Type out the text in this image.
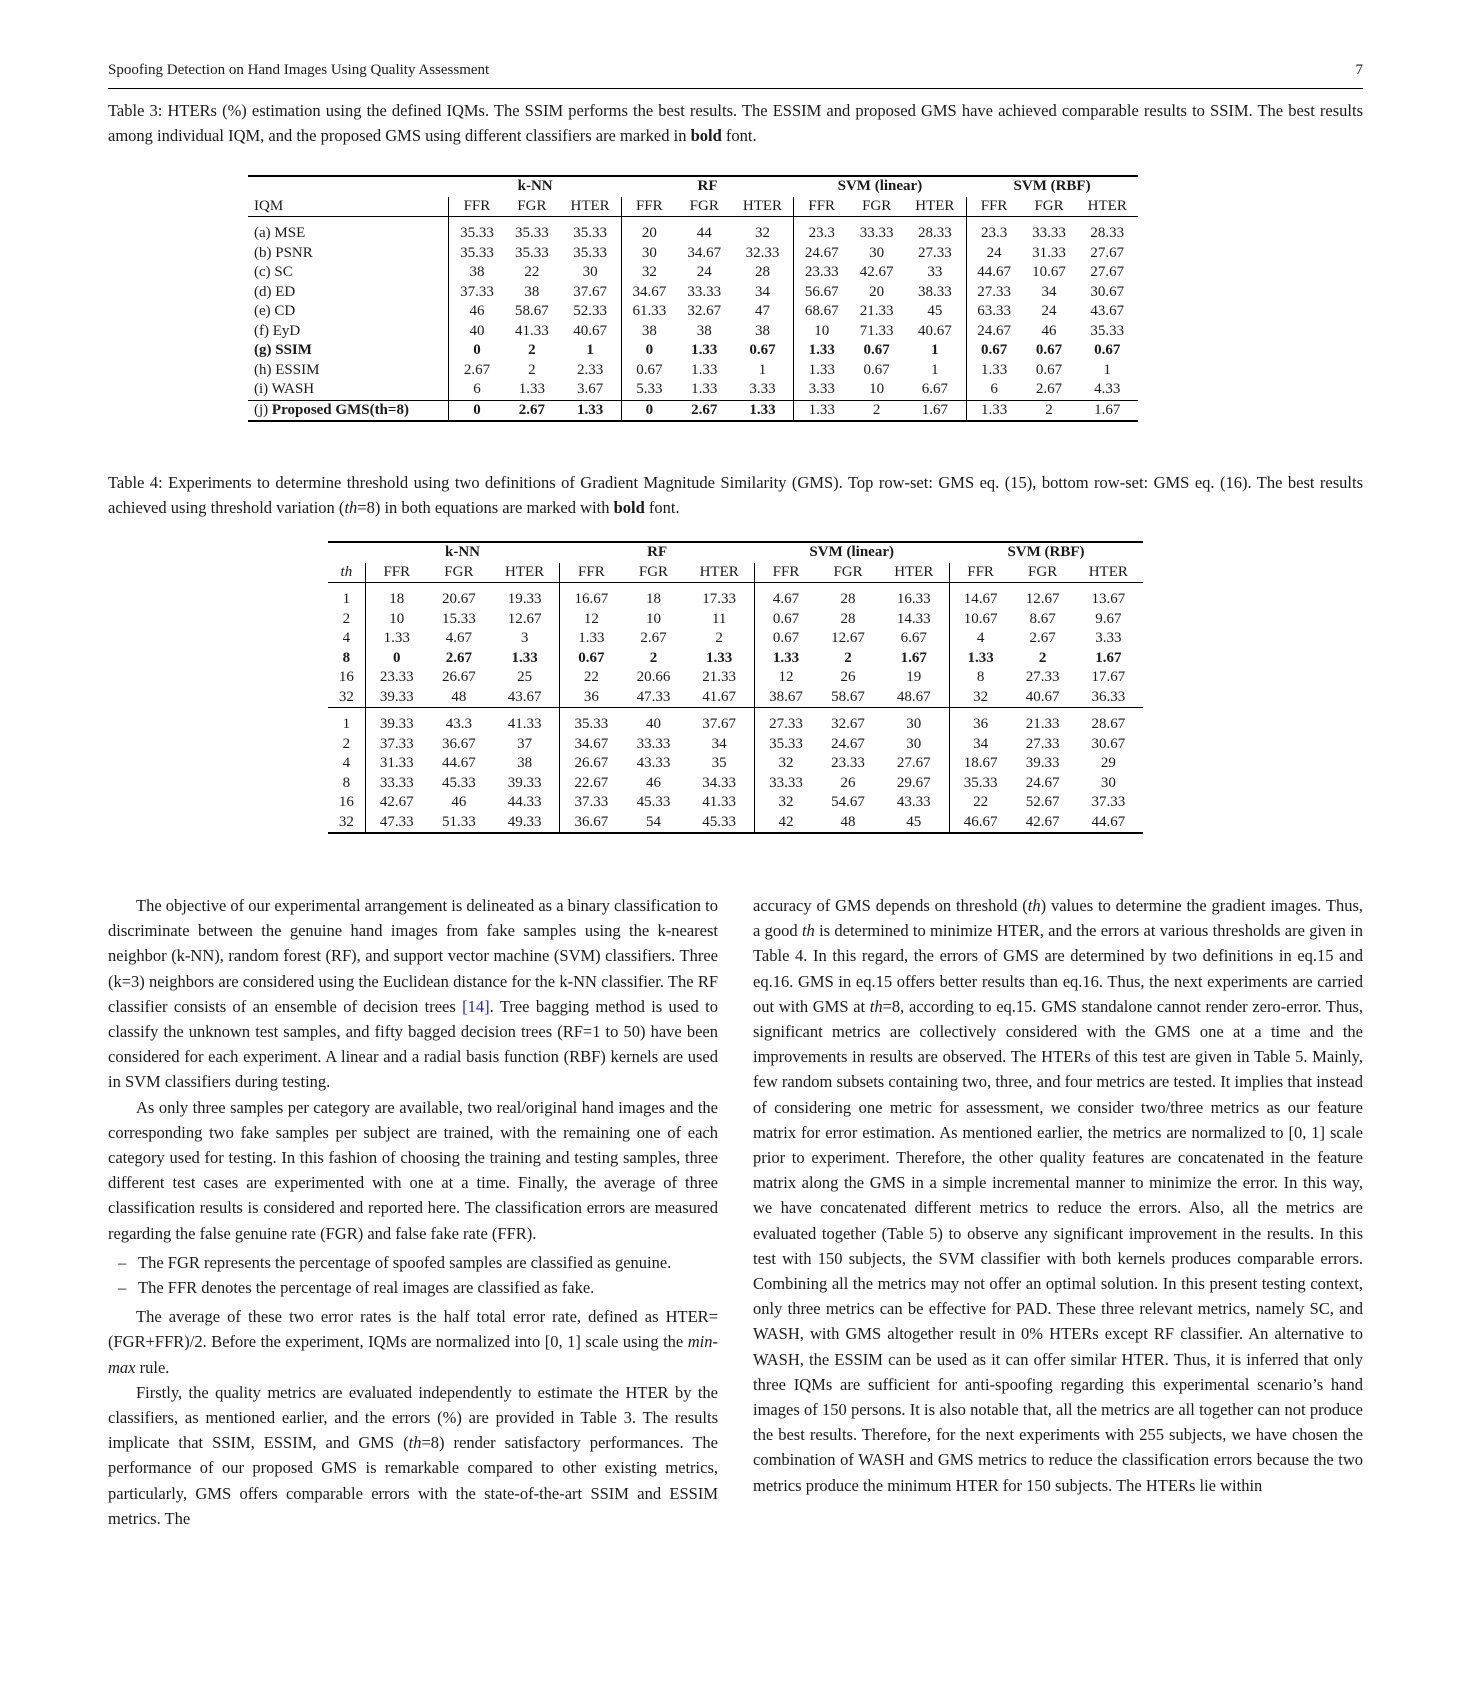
Spoofing Detection on Hand Images Using Quality Assessment	7
Table 3: HTERs (%) estimation using the defined IQMs. The SSIM performs the best results. The ESSIM and proposed GMS have achieved comparable results to SSIM. The best results among individual IQM, and the proposed GMS using different classifiers are marked in bold font.
	k-NN			RF			SVM (linear)			SVM (RBF)		
IQM	FFR	FGR	HTER	FFR	FGR	HTER	FFR	FGR	HTER	FFR	FGR	HTER

(a) MSE	35.33	35.33	35.33	20	44	32	23.3	33.33	28.33	23.3	33.33	28.33
(b) PSNR	35.33	35.33	35.33	30	34.67	32.33	24.67	30	27.33	24	31.33	27.67
(c) SC	38	22	30	32	24	28	23.33	42.67	33	44.67	10.67	27.67
(d) ED	37.33	38	37.67	34.67	33.33	34	56.67	20	38.33	27.33	34	30.67
(e) CD	46	58.67	52.33	61.33	32.67	47	68.67	21.33	45	63.33	24	43.67
(f) EyD	40	41.33	40.67	38	38	38	10	71.33	40.67	24.67	46	35.33
(g) SSIM	0	2	1	0	1.33	0.67	1.33	0.67	1	0.67	0.67	0.67
(h) ESSIM	2.67	2	2.33	0.67	1.33	1	1.33	0.67	1	1.33	0.67	1
(i) WASH	6	1.33	3.67	5.33	1.33	3.33	3.33	10	6.67	6	2.67	4.33
(j) Proposed GMS(th=8)	0	2.67	1.33	0	2.67	1.33	1.33	2	1.67	1.33	2	1.67
Table 4: Experiments to determine threshold using two definitions of Gradient Magnitude Similarity (GMS). Top row-set: GMS eq. (15), bottom row-set: GMS eq. (16). The best results achieved using threshold variation (th=8) in both equations are marked with bold font.
	k-NN			RF			SVM (linear)			SVM (RBF)		
th	FFR	FGR	HTER	FFR	FGR	HTER	FFR	FGR	HTER	FFR	FGR	HTER

1	18	20.67	19.33	16.67	18	17.33	4.67	28	16.33	14.67	12.67	13.67
2	10	15.33	12.67	12	10	11	0.67	28	14.33	10.67	8.67	9.67
4	1.33	4.67	3	1.33	2.67	2	0.67	12.67	6.67	4	2.67	3.33
8	0	2.67	1.33	0.67	2	1.33	1.33	2	1.67	1.33	2	1.67
16	23.33	26.67	25	22	20.66	21.33	12	26	19	8	27.33	17.67
32	39.33	48	43.67	36	47.33	41.67	38.67	58.67	48.67	32	40.67	36.33

1	39.33	43.3	41.33	35.33	40	37.67	27.33	32.67	30	36	21.33	28.67
2	37.33	36.67	37	34.67	33.33	34	35.33	24.67	30	34	27.33	30.67
4	31.33	44.67	38	26.67	43.33	35	32	23.33	27.67	18.67	39.33	29
8	33.33	45.33	39.33	22.67	46	34.33	33.33	26	29.67	35.33	24.67	30
16	42.67	46	44.33	37.33	45.33	41.33	32	54.67	43.33	22	52.67	37.33
32	47.33	51.33	49.33	36.67	54	45.33	42	48	45	46.67	42.67	44.67

The objective of our experimental arrangement is delineated as a binary classification to discriminate between the genuine hand images from fake samples using the k-nearest neighbor (k-NN), random forest (RF), and support vector machine (SVM) classifiers. Three (k=3) neighbors are considered using the Euclidean distance for the k-NN classifier. The RF classifier consists of an ensemble of decision trees [14]. Tree bagging method is used to classify the unknown test samples, and fifty bagged decision trees (RF=1 to 50) have been considered for each experiment. A linear and a radial basis function (RBF) kernels are used in SVM classifiers during testing.

As only three samples per category are available, two real/original hand images and the corresponding two fake samples per subject are trained, with the remaining one of each category used for testing. In this fashion of choosing the training and testing samples, three different test cases are experimented with one at a time. Finally, the average of three classification results is considered and reported here. The classification errors are measured regarding the false genuine rate (FGR) and false fake rate (FFR).

– The FGR represents the percentage of spoofed samples are classified as genuine.
– The FFR denotes the percentage of real images are classified as fake.

The average of these two error rates is the half total error rate, defined as HTER= (FGR+FFR)/2. Before the experiment, IQMs are normalized into [0, 1] scale using the min-max rule.

Firstly, the quality metrics are evaluated independently to estimate the HTER by the classifiers, as mentioned earlier, and the errors (%) are provided in Table 3. The results implicate that SSIM, ESSIM, and GMS (th=8) render satisfactory performances. The performance of our proposed GMS is remarkable compared to other existing metrics, particularly, GMS offers comparable errors with the state-of-the-art SSIM and ESSIM metrics. The

accuracy of GMS depends on threshold (th) values to determine the gradient images. Thus, a good th is determined to minimize HTER, and the errors at various thresholds are given in Table 4. In this regard, the errors of GMS are determined by two definitions in eq.15 and eq.16. GMS in eq.15 offers better results than eq.16. Thus, the next experiments are carried out with GMS at th=8, according to eq.15. GMS standalone cannot render zero-error. Thus, significant metrics are collectively considered with the GMS one at a time and the improvements in results are observed. The HTERs of this test are given in Table 5. Mainly, few random subsets containing two, three, and four metrics are tested. It implies that instead of considering one metric for assessment, we consider two/three metrics as our feature matrix for error estimation. As mentioned earlier, the metrics are normalized to [0, 1] scale prior to experiment. Therefore, the other quality features are concatenated in the feature matrix along the GMS in a simple incremental manner to minimize the error. In this way, we have concatenated different metrics to reduce the errors. Also, all the metrics are evaluated together (Table 5) to observe any significant improvement in the results. In this test with 150 subjects, the SVM classifier with both kernels produces comparable errors. Combining all the metrics may not offer an optimal solution. In this present testing context, only three metrics can be effective for PAD. These three relevant metrics, namely SC, and WASH, with GMS altogether result in 0% HTERs except RF classifier. An alternative to WASH, the ESSIM can be used as it can offer similar HTER. Thus, it is inferred that only three IQMs are sufficient for anti-spoofing regarding this experimental scenario’s hand images of 150 persons. It is also notable that, all the metrics are all together can not produce the best results. Therefore, for the next experiments with 255 subjects, we have chosen the combination of WASH and GMS metrics to reduce the classification errors because the two metrics produce the minimum HTER for 150 subjects. The HTERs lie within
